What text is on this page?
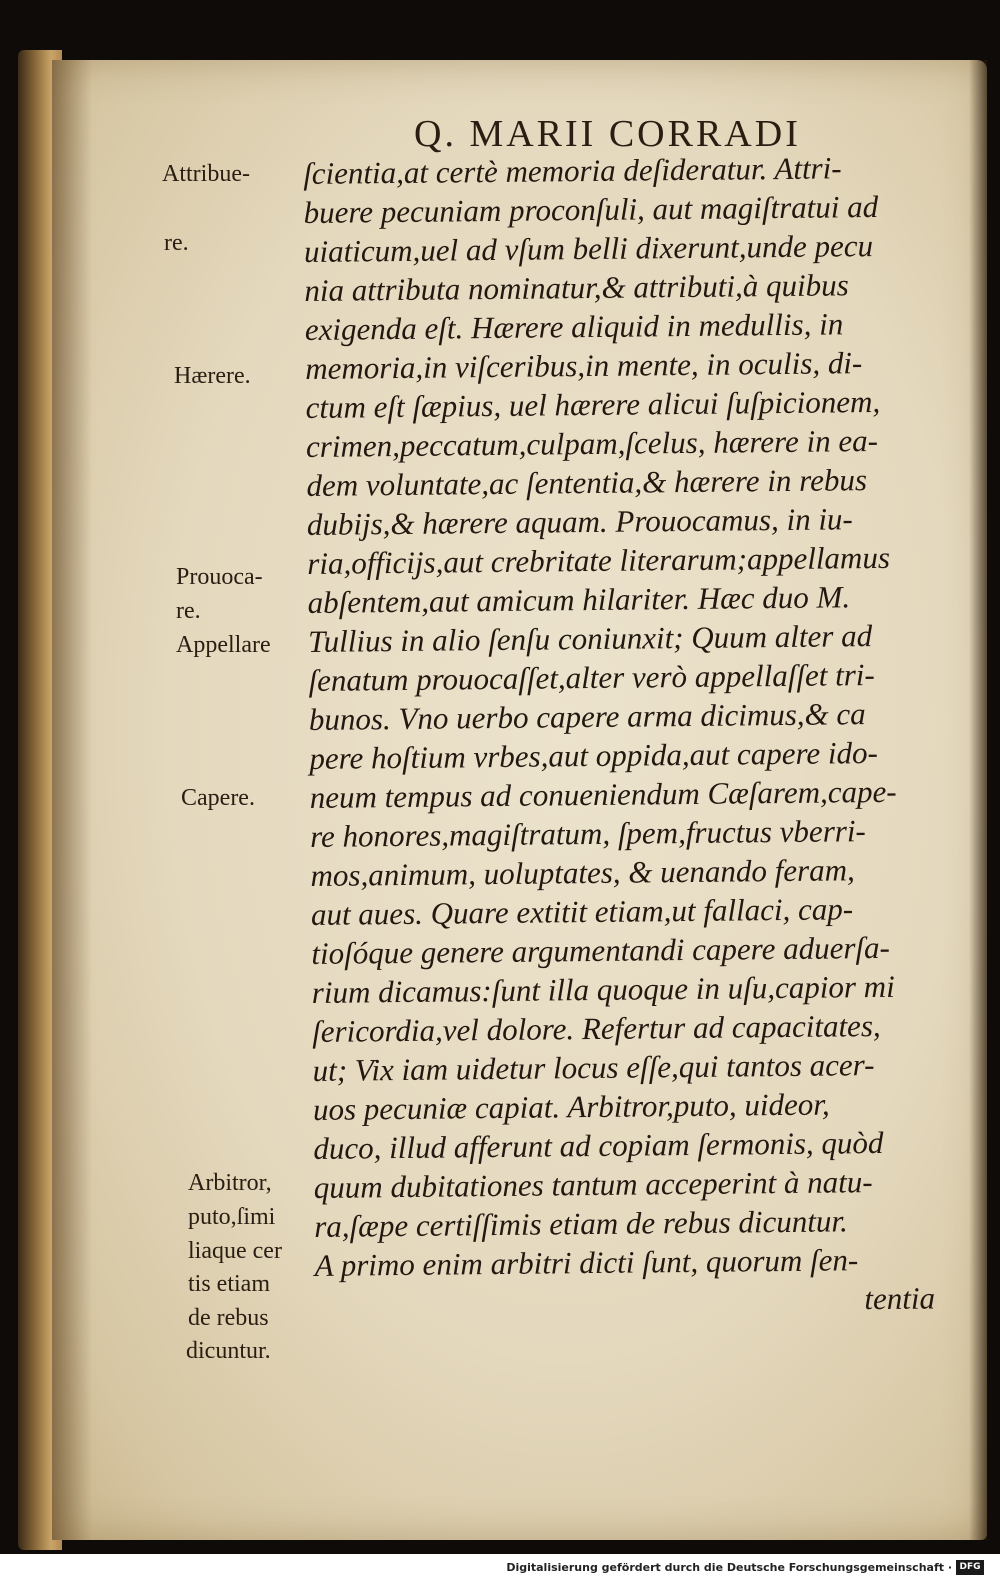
Q. MARII CORRADI
ſcientia,at certè memoria deſideratur. Attri-
buere pecuniam proconſuli, aut magiſtratui ad
uiaticum,uel ad vſum belli dixerunt,unde pecu
nia attributa nominatur,& attributi,à quibus
exigenda eſt. Hærere aliquid in medullis, in
memoria,in viſceribus,in mente, in oculis, di-
ctum eſt ſæpius, uel hærere alicui ſuſpicionem,
crimen,peccatum,culpam,ſcelus, hærere in ea-
dem voluntate,ac ſententia,& hærere in rebus
dubijs,& hærere aquam. Prouocamus, in iu-
ria,officijs,aut crebritate literarum;appellamus
abſentem,aut amicum hilariter. Hæc duo M.
Tullius in alio ſenſu coniunxit; Quum alter ad
ſenatum prouocaſſet,alter verò appellaſſet tri-
bunos. Vno uerbo capere arma dicimus,& ca
pere hoſtium vrbes,aut oppida,aut capere ido-
neum tempus ad conueniendum Cæſarem,cape-
re honores,magiſtratum, ſpem,fructus vberri-
mos,animum, uoluptates, & uenando feram,
aut aues. Quare extitit etiam,ut fallaci, cap-
tioſóque genere argumentandi capere aduerſa-
rium dicamus:ſunt illa quoque in uſu,capior mi
ſericordia,vel dolore. Refertur ad capacitates,
ut; Vix iam uidetur locus eſſe,qui tantos acer-
uos pecuniæ capiat. Arbitror,puto, uideor,
duco, illud afferunt ad copiam ſermonis, quòd
quum dubitationes tantum acceperint à natu-
ra,ſæpe certiſſimis etiam de rebus dicuntur.
A primo enim arbitri dicti ſunt, quorum ſen-
tentia
Attribue-
re.
Hærere.
Prouoca-
re.
Appellare
Capere.
Arbitror,
puto,ſimi
liaque cer
tis etiam
de rebus
dicuntur.
Digitalisierung gefördert durch die Deutsche Forschungsgemeinschaft · DFG
